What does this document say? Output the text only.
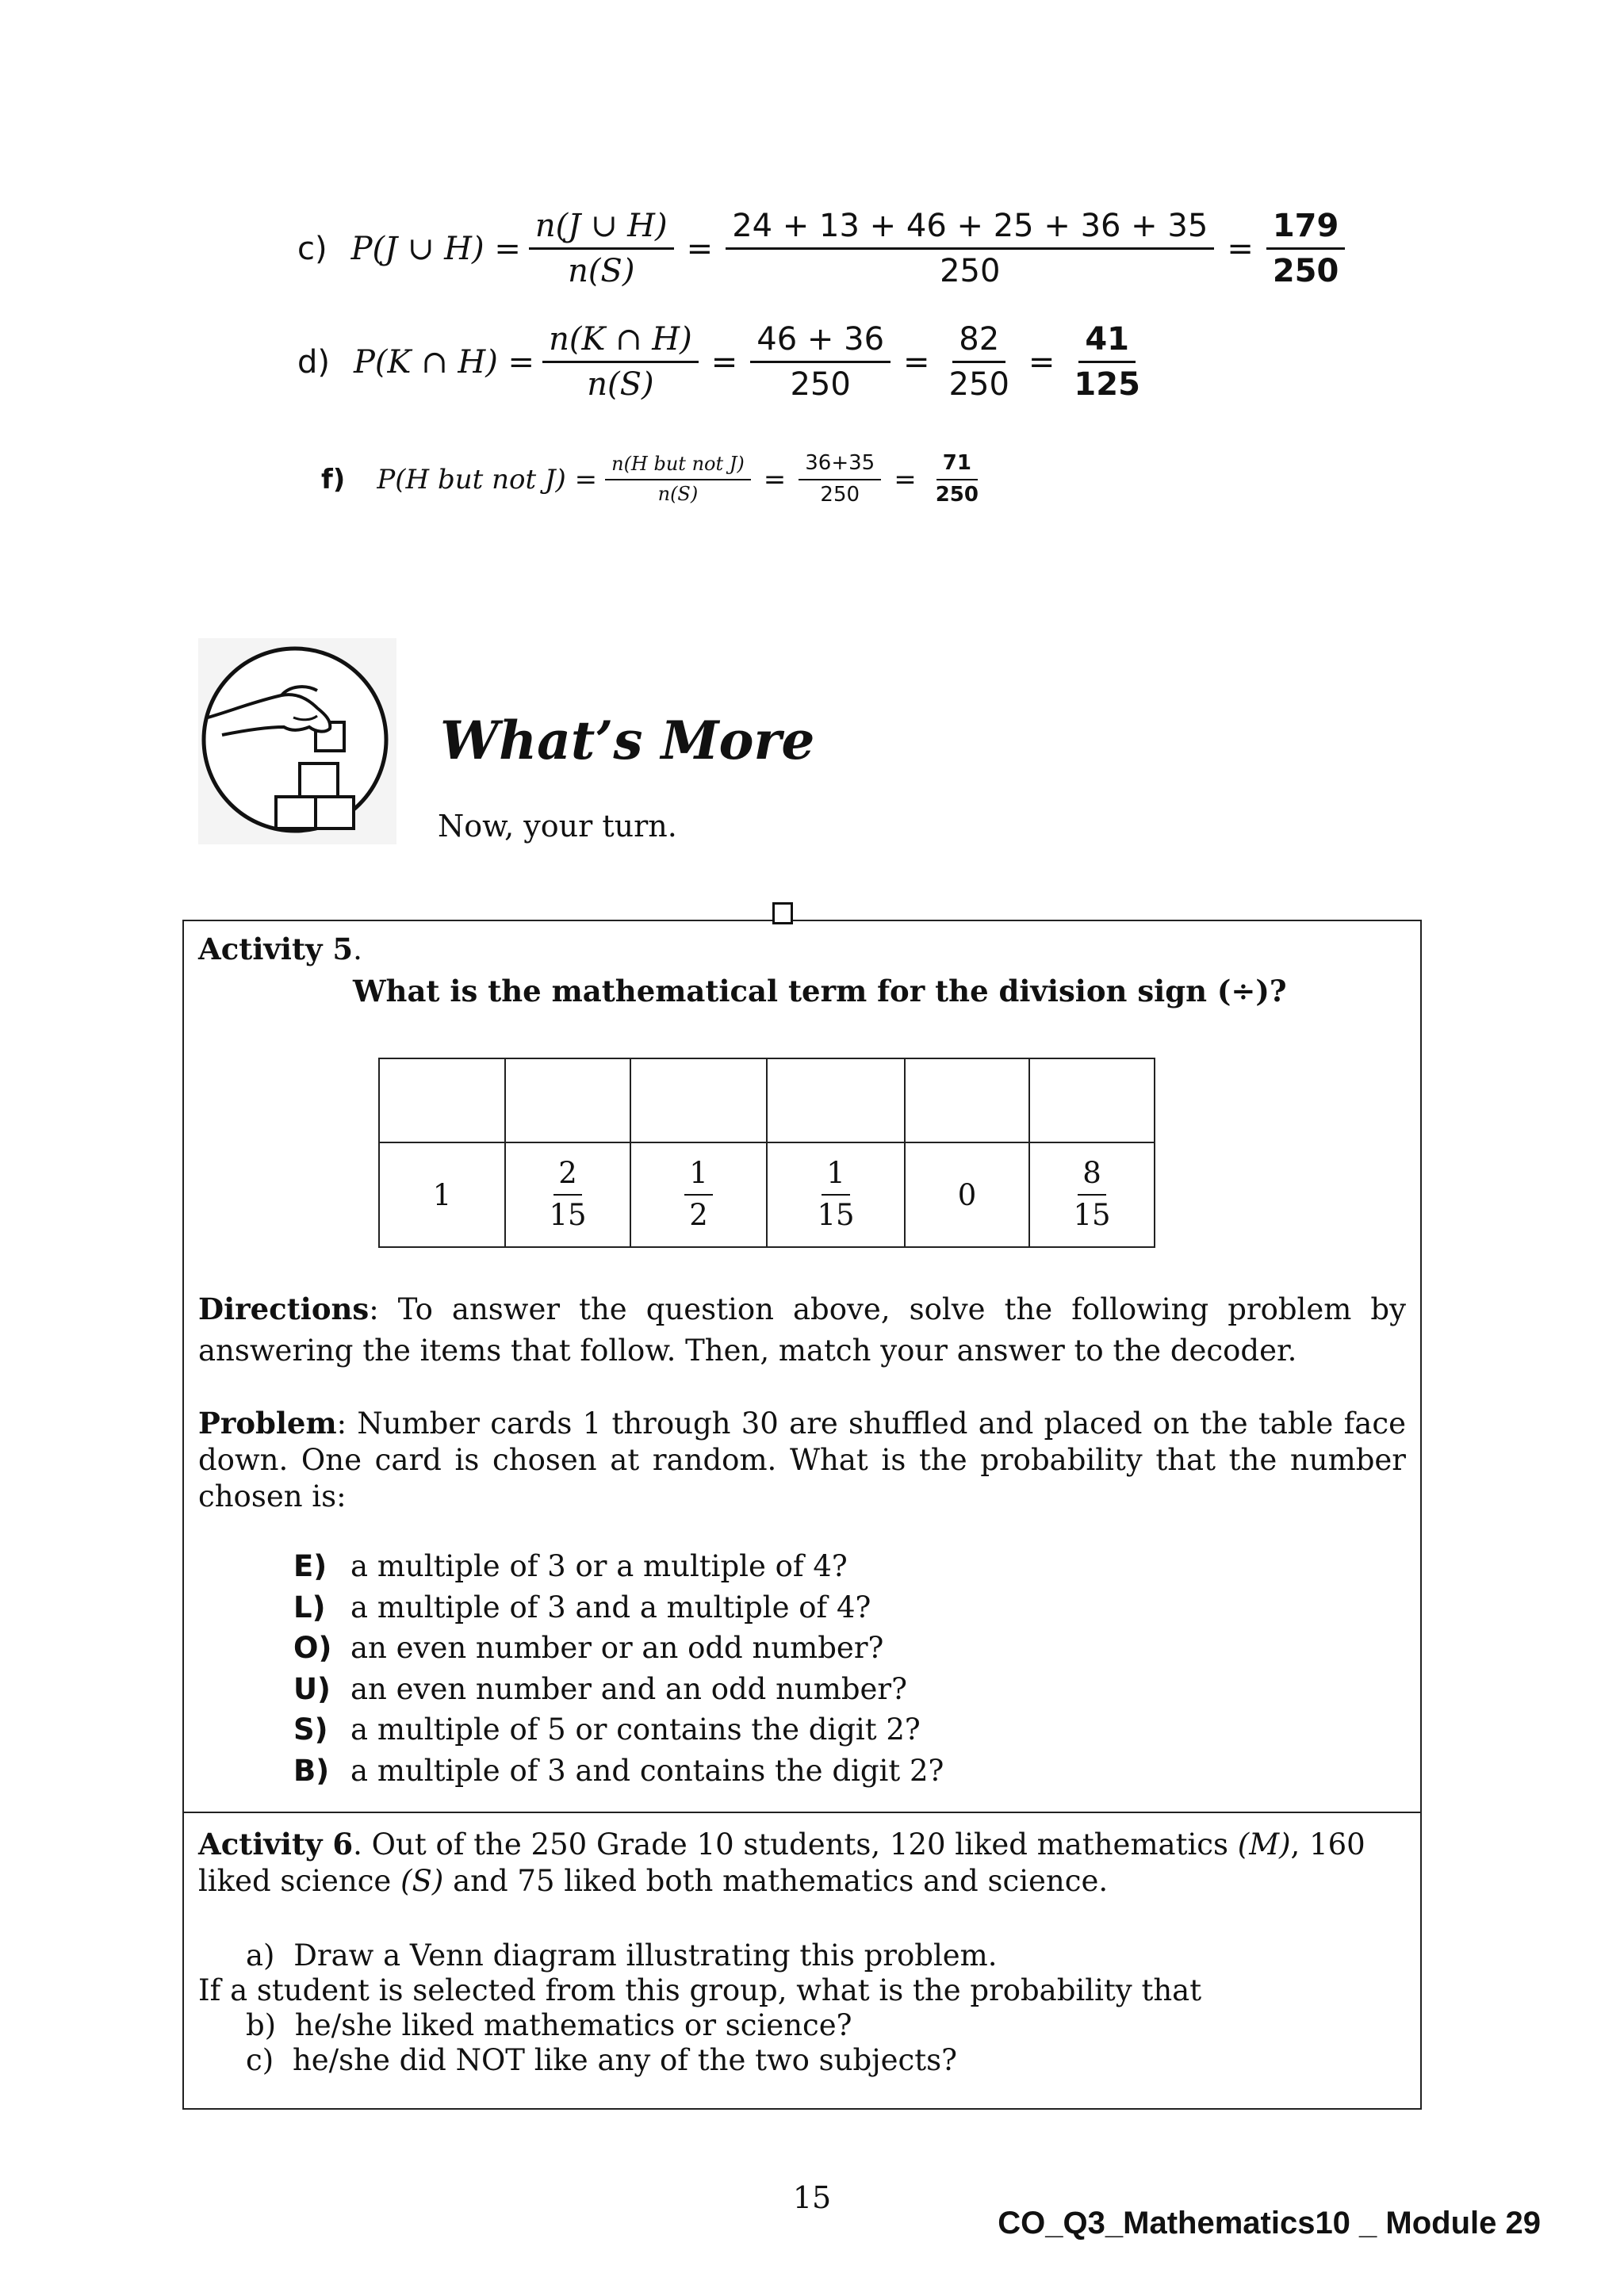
c) P(J ∪ $H) = \frac{n(J \cup H)}{n(S)} = \frac{24 + 13 + 46 + 25 + 36 + 35}{250} = \frac{179}{250}$
d) P(K ∩ $H) = \frac{n(K \cap H)}{n(S)} = \frac{46 + 36}{250} = \frac{82}{250} = \frac{41}{125}$
f) P(H but not $J) = \frac{\text{n(H but not J)}}{n(S)} = \frac{36+35}{250} = \frac{71}{250}$
What’s More
Now, your turn.
Activity 5.
What is the mathematical term for the division sign (÷)?

1	$\frac{2}{15}$	$\frac{1}{2}$	$\frac{1}{15}$	0	$\frac{8}{15}$
Directions: To answer the question above, solve the following problem by answering the items that follow. Then, match your answer to the decoder.
Problem: Number cards 1 through 30 are shuffled and placed on the table face down. One card is chosen at random. What is the probability that the number chosen is:
E) a multiple of 3 or a multiple of 4?
L) a multiple of 3 and a multiple of 4?
O) an even number or an odd number?
U) an even number and an odd number?
S) a multiple of 5 or contains the digit 2?
B) a multiple of 3 and contains the digit 2?
Activity 6. Out of the 250 Grade 10 students, 120 liked mathematics (M), 160
liked science (S) and 75 liked both mathematics and science.
a) Draw a Venn diagram illustrating this problem.
If a student is selected from this group, what is the probability that
b) he/she liked mathematics or science?
c) he/she did NOT like any of the two subjects?
15
CO_Q3_Mathematics10 _ Module 29
